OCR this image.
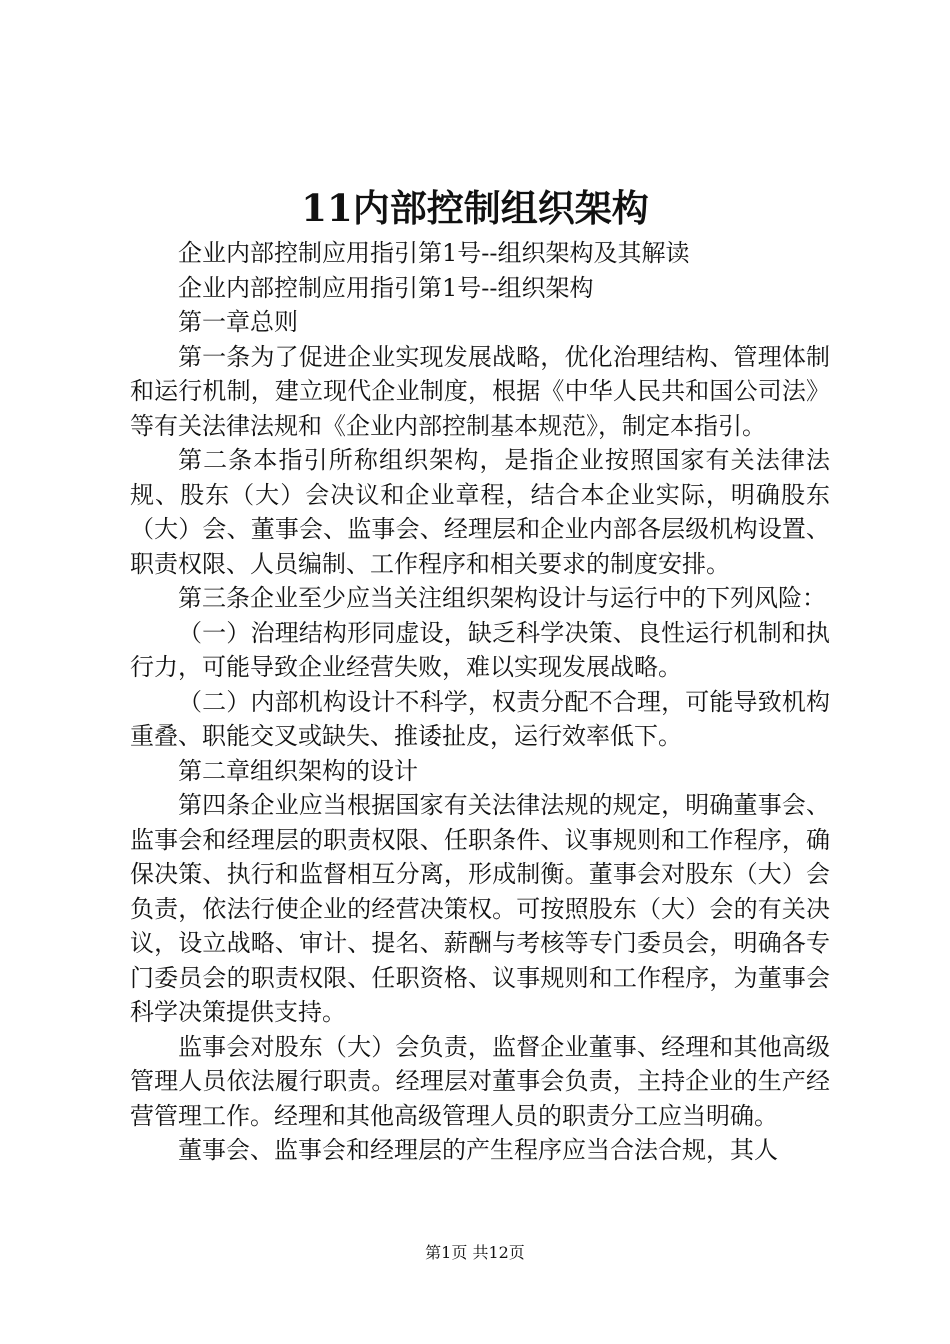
11内部控制组织架构

企业内部控制应用指引第1号--组织架构及其解读

企业内部控制应用指引第1号--组织架构

第一章总则

第一条为了促进企业实现发展战略，优化治理结构、管理体制和运行机制，建立现代企业制度，根据《中华人民共和国公司法》等有关法律法规和《企业内部控制基本规范》，制定本指引。

第二条本指引所称组织架构，是指企业按照国家有关法律法规、股东（大）会决议和企业章程，结合本企业实际，明确股东（大）会、董事会、监事会、经理层和企业内部各层级机构设置、职责权限、人员编制、工作程序和相关要求的制度安排。

第三条企业至少应当关注组织架构设计与运行中的下列风险：

（一）治理结构形同虚设，缺乏科学决策、良性运行机制和执行力，可能导致企业经营失败，难以实现发展战略。

（二）内部机构设计不科学，权责分配不合理，可能导致机构重叠、职能交叉或缺失、推诿扯皮，运行效率低下。

第二章组织架构的设计

第四条企业应当根据国家有关法律法规的规定，明确董事会、监事会和经理层的职责权限、任职条件、议事规则和工作程序，确保决策、执行和监督相互分离，形成制衡。董事会对股东（大）会负责，依法行使企业的经营决策权。可按照股东（大）会的有关决议，设立战略、审计、提名、薪酬与考核等专门委员会，明确各专门委员会的职责权限、任职资格、议事规则和工作程序，为董事会科学决策提供支持。

监事会对股东（大）会负责，监督企业董事、经理和其他高级管理人员依法履行职责。经理层对董事会负责，主持企业的生产经营管理工作。经理和其他高级管理人员的职责分工应当明确。

董事会、监事会和经理层的产生程序应当合法合规，其人

第1页 共12页
